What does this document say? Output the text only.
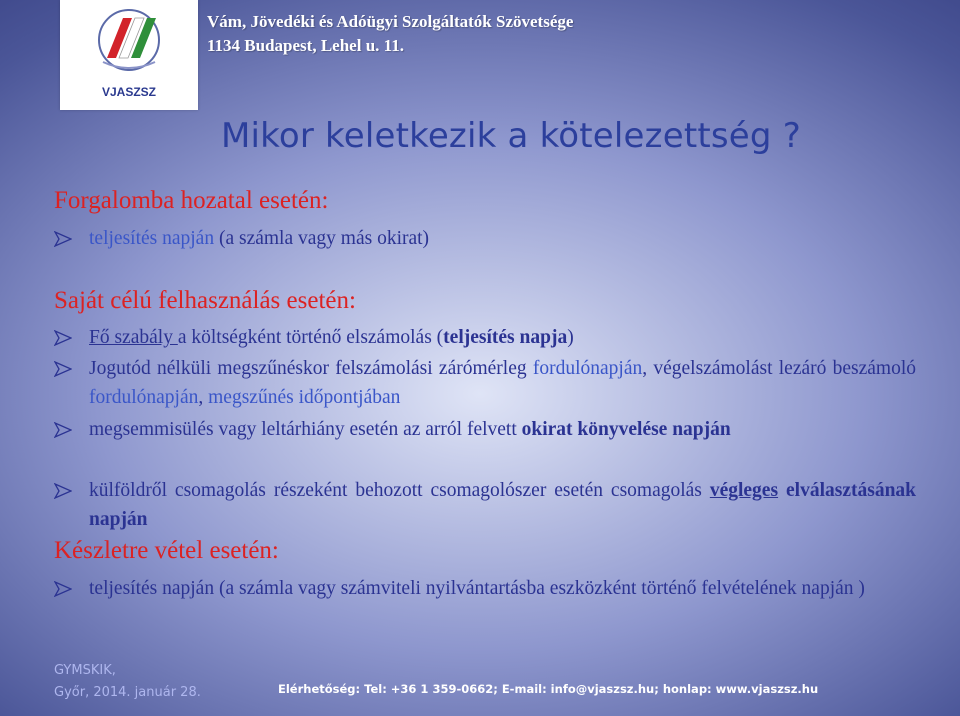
VJASZSZ
Vám, Jövedéki és Adóügyi Szolgáltatók Szövetsége
1134 Budapest, Lehel u. 11.
Mikor keletkezik a kötelezettség ?
Forgalomba hozatal esetén:
teljesítés napján (a számla vagy más okirat)
Saját célú felhasználás esetén:
Fő szabály a költségként történő elszámolás (teljesítés napja)
Jogutód nélküli megszűnéskor felszámolási zárómérleg fordulónapján, végelszámolást lezáró beszámoló fordulónapján, megszűnés időpontjában
megsemmisülés vagy leltárhiány esetén az arról felvett okirat könyvelése napján
külföldről csomagolás részeként behozott csomagolószer esetén csomagolás végleges elválasztásának napján
Készletre vétel esetén:
teljesítés napján (a számla vagy számviteli nyilvántartásba eszközként történő felvételének napján )
GYMSKIK,
Győr, 2014. január 28.	Elérhetőség: Tel: +36 1 359-0662; E-mail: info@vjaszsz.hu; honlap: www.vjaszsz.hu
